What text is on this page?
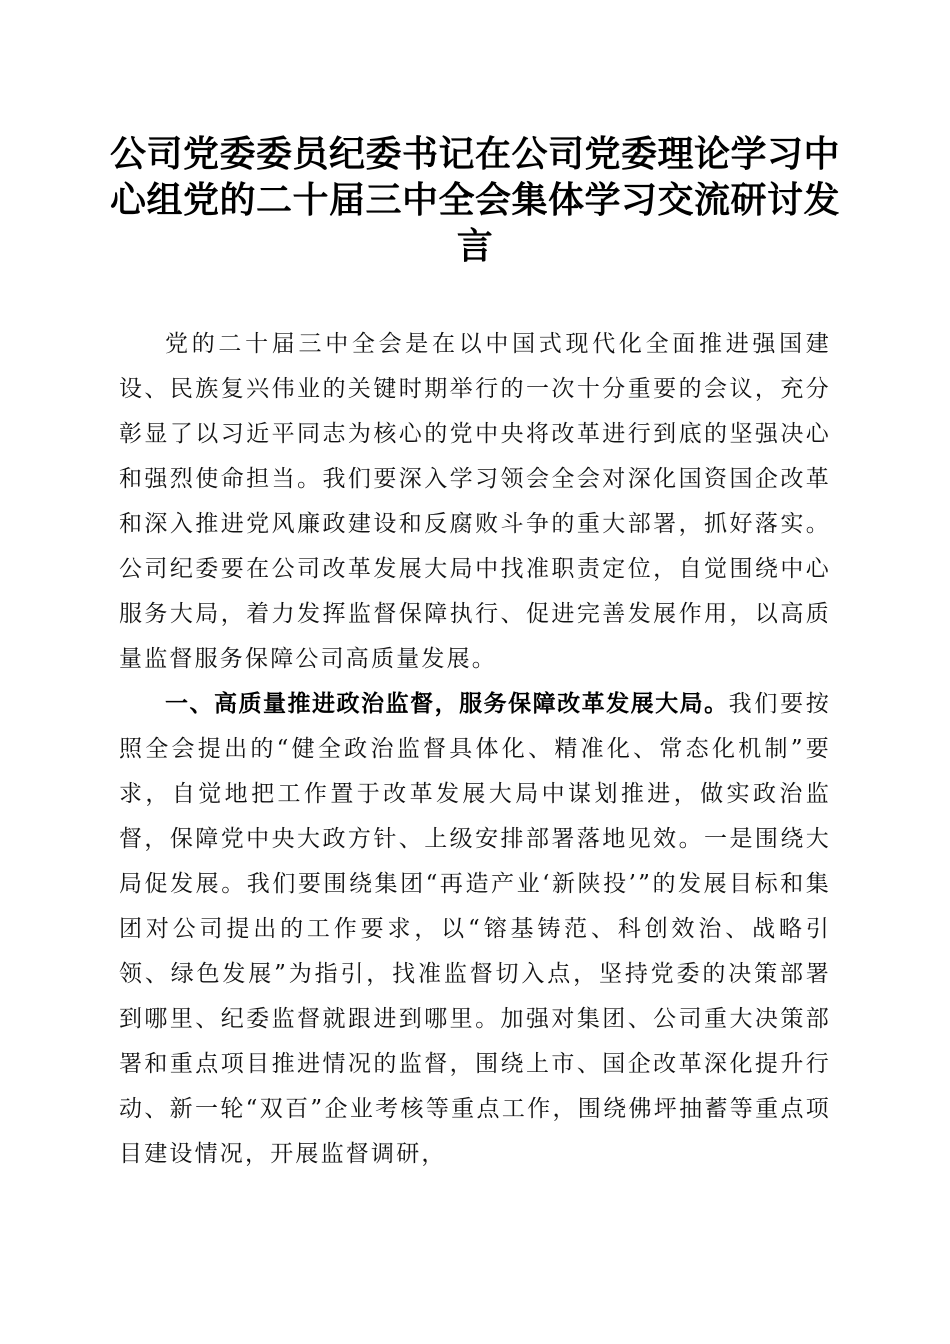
公司党委委员纪委书记在公司党委理论学习中心组党的二十届三中全会集体学习交流研讨发言

党的二十届三中全会是在以中国式现代化全面推进强国建设、民族复兴伟业的关键时期举行的一次十分重要的会议，充分彰显了以习近平同志为核心的党中央将改革进行到底的坚强决心和强烈使命担当。我们要深入学习领会全会对深化国资国企改革和深入推进党风廉政建设和反腐败斗争的重大部署，抓好落实。公司纪委要在公司改革发展大局中找准职责定位，自觉围绕中心服务大局，着力发挥监督保障执行、促进完善发展作用，以高质量监督服务保障公司高质量发展。

一、高质量推进政治监督，服务保障改革发展大局。我们要按照全会提出的“健全政治监督具体化、精准化、常态化机制”要求，自觉地把工作置于改革发展大局中谋划推进，做实政治监督，保障党中央大政方针、上级安排部署落地见效。一是围绕大局促发展。我们要围绕集团“再造产业‘新陕投’”的发展目标和集团对公司提出的工作要求，以“镕基铸范、科创效治、战略引领、绿色发展”为指引，找准监督切入点，坚持党委的决策部署到哪里、纪委监督就跟进到哪里。加强对集团、公司重大决策部署和重点项目推进情况的监督，围绕上市、国企改革深化提升行动、新一轮“双百”企业考核等重点工作，围绕佛坪抽蓄等重点项目建设情况，开展监督调研，
